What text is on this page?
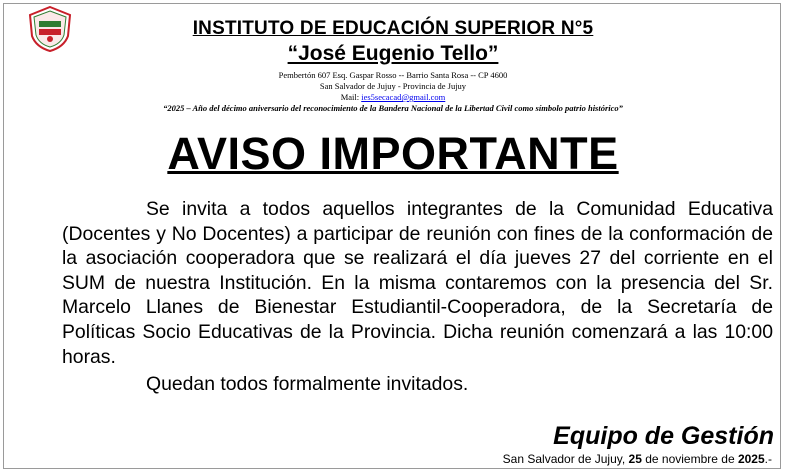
INSTITUTO DE EDUCACIÓN SUPERIOR N°5
“José Eugenio Tello”
Pembertón 607 Esq. Gaspar Rosso -- Barrio Santa Rosa -- CP 4600
San Salvador de Jujuy - Provincia de Jujuy
Mail: ies5secacad@gmail.com
“2025 – Año del décimo aniversario del reconocimiento de la Bandera Nacional de la Libertad Civil como símbolo patrio histórico”
AVISO IMPORTANTE
Se invita a todos aquellos integrantes de la Comunidad Educativa (Docentes y No Docentes) a participar de reunión con fines de la conformación de la asociación cooperadora que se realizará el día jueves 27 del corriente en el SUM de nuestra Institución. En la misma contaremos con la presencia del Sr. Marcelo Llanes de Bienestar Estudiantil-Cooperadora, de la Secretaría de Políticas Socio Educativas de la Provincia. Dicha reunión comenzará a las 10:00 horas.
Quedan todos formalmente invitados.
Equipo de Gestión
San Salvador de Jujuy, 25 de noviembre de 2025.-
